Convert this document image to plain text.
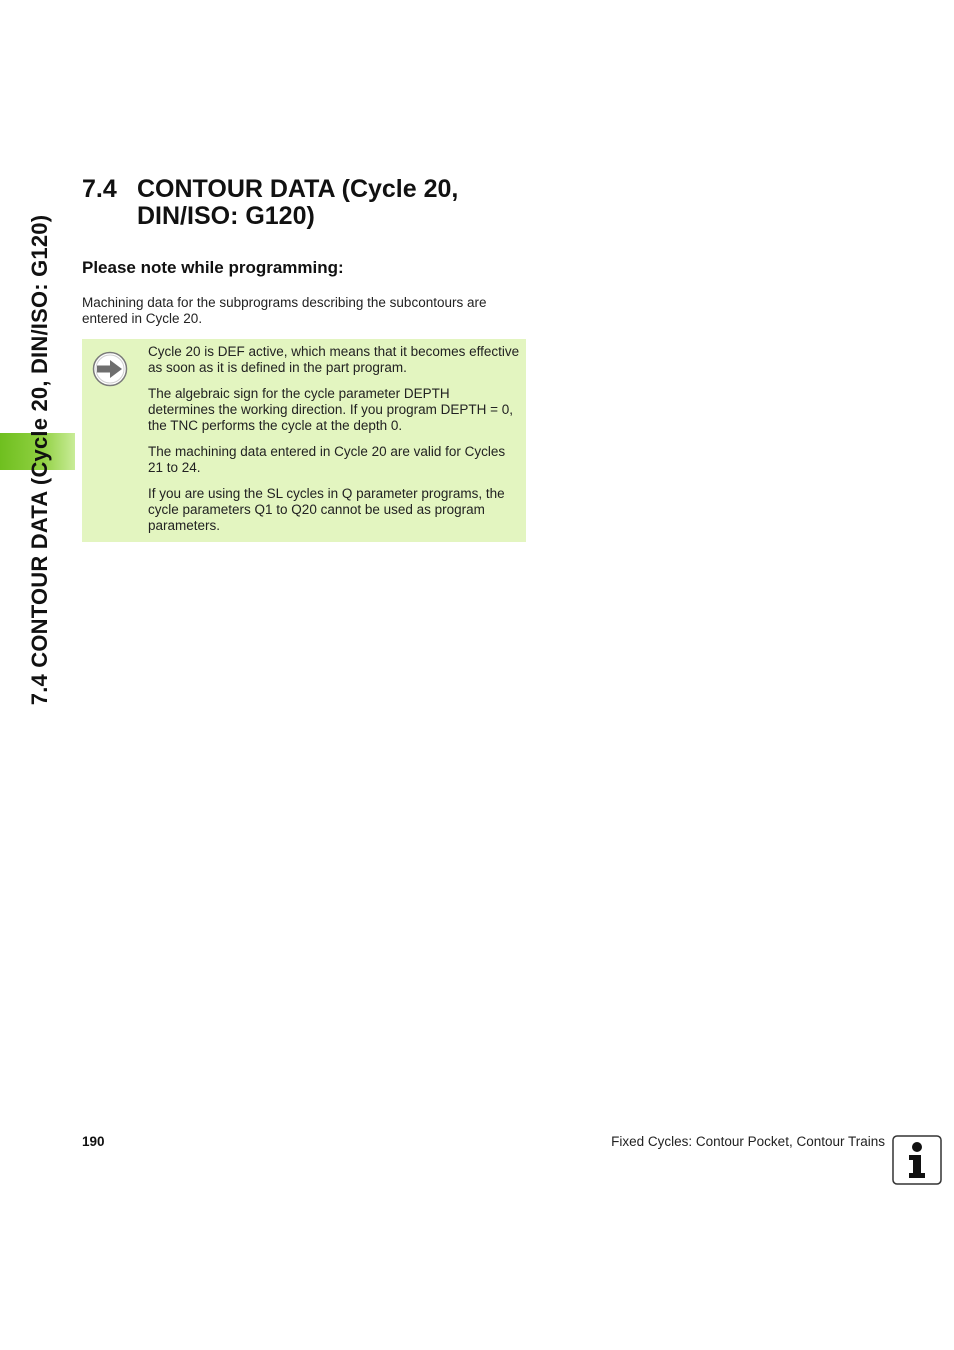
7.4 CONTOUR DATA (Cycle 20, DIN/ISO: G120)
7.4 CONTOUR DATA (Cycle 20, DIN/ISO: G120)
Please note while programming:
Machining data for the subprograms describing the subcontours are entered in Cycle 20.

Cycle 20 is DEF active, which means that it becomes effective as soon as it is defined in the part program.

The algebraic sign for the cycle parameter DEPTH determines the working direction. If you program DEPTH = 0, the TNC performs the cycle at the depth 0.

The machining data entered in Cycle 20 are valid for Cycles 21 to 24.

If you are using the SL cycles in Q parameter programs, the cycle parameters Q1 to Q20 cannot be used as program parameters.

190	Fixed Cycles: Contour Pocket, Contour Trains
